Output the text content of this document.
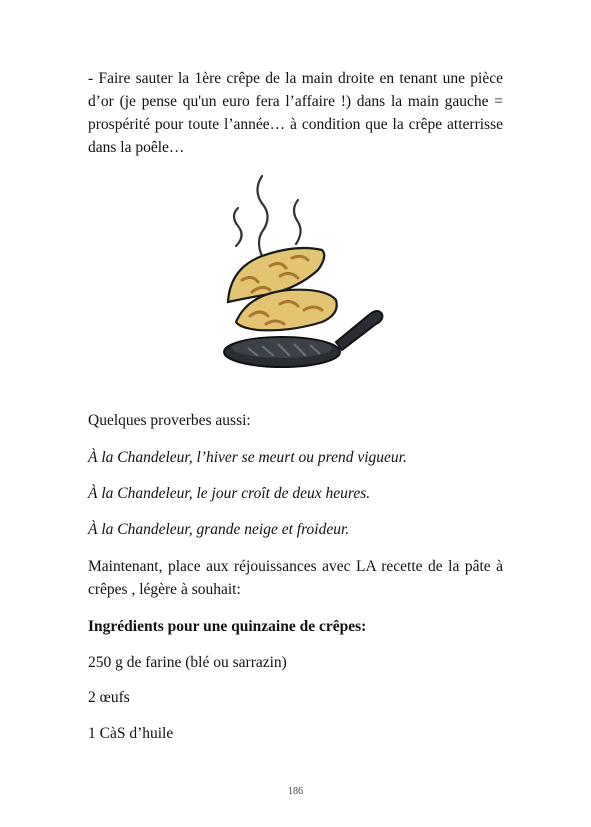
- Faire sauter la 1ère crêpe de la main droite en tenant une pièce d’or (je pense qu'un euro fera l’affaire !) dans la main gauche = prospérité pour toute l’année… à condition que la crêpe atterrisse dans la poêle…
Quelques proverbes aussi:
À la Chandeleur, l’hiver se meurt ou prend vigueur.
À la Chandeleur, le jour croît de deux heures.
À la Chandeleur, grande neige et froideur.
Maintenant, place aux réjouissances avec LA recette de la pâte à crêpes , légère à souhait:
Ingrédients pour une quinzaine de crêpes:
250 g de farine (blé ou sarrazin)
2 œufs
1 CàS d’huile
186
